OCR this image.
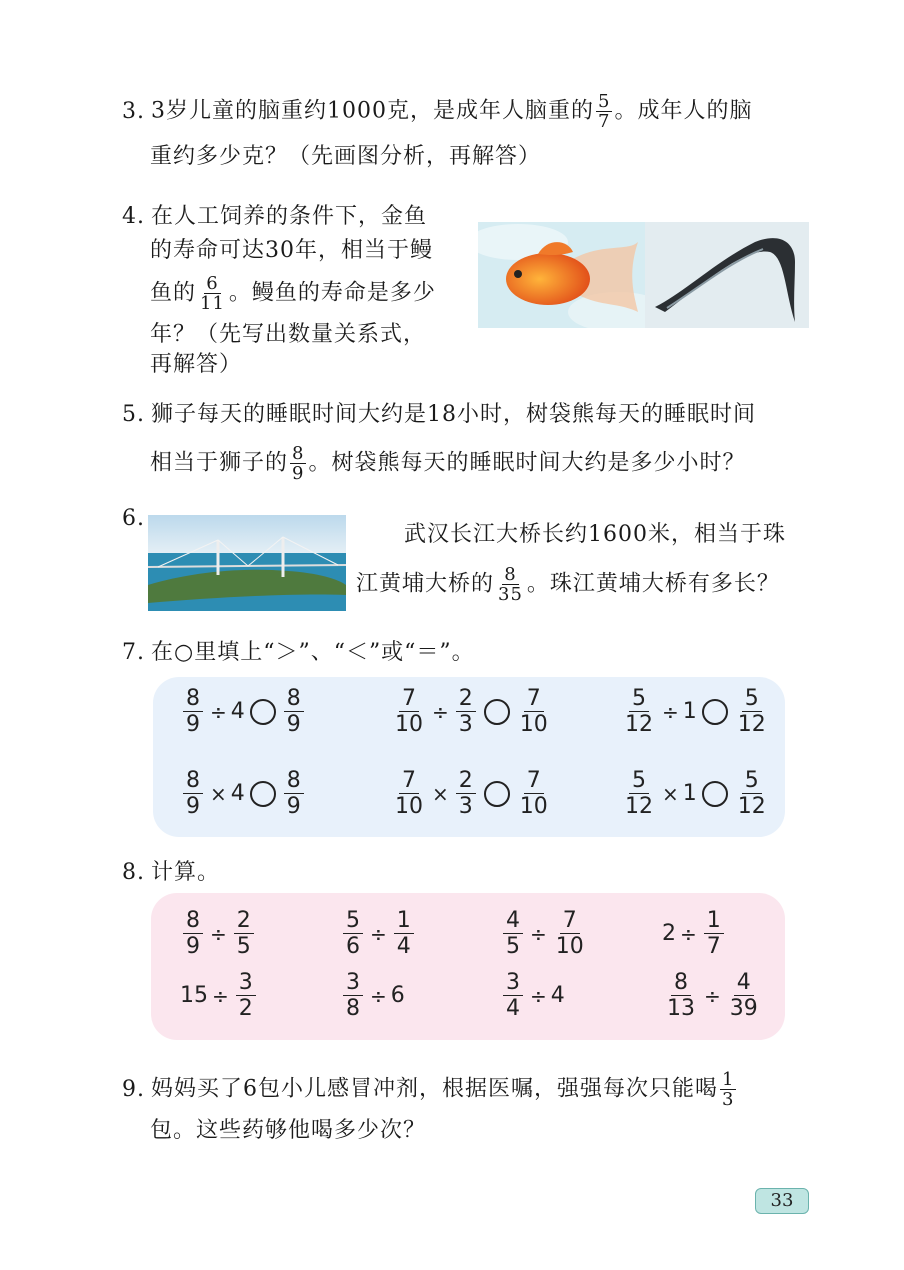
3. 3岁儿童的脑重约1000克，是成年人脑重的 $\frac{5}{7}$ 。成年人的脑
重约多少克？（先画图分析，再解答）
4. 在人工饲养的条件下，金鱼
的寿命可达30年，相当于鳗
鱼的 $\frac{6}{11}$ 。鳗鱼的寿命是多少
年？（先写出数量关系式，
再解答）
5. 狮子每天的睡眠时间大约是18小时，树袋熊每天的睡眠时间
相当于狮子的 $\frac{8}{9}$ 。树袋熊每天的睡眠时间大约是多少小时？
6.
武汉长江大桥长约1600米，相当于珠
江黄埔大桥的 $\frac{8}{35}$ 。珠江黄埔大桥有多长？
7. 在○里填上“＞”、“＜”或“＝”。
$\frac{8}{9} \div 4 \frac{8}{9}$	$\frac{7}{10} \div \frac{2}{3} \frac{7}{10}$	$\frac{5}{12} \div 1 \frac{5}{12}$
$\frac{8}{9} \times 4 \frac{8}{9}$	$\frac{7}{10} \times \frac{2}{3} \frac{7}{10}$	$\frac{5}{12} \times 1 \frac{5}{12}$
8. 计算。
$\frac{8}{9} \div \frac{2}{5}$	$\frac{5}{6} \div \frac{1}{4}$	$\frac{4}{5} \div \frac{7}{10}$	$2 \div \frac{1}{7}$
$15 \div \frac{3}{2}$	$\frac{3}{8} \div 6$	$\frac{3}{4} \div 4$	$\frac{8}{13} \div \frac{4}{39}$
9. 妈妈买了6包小儿感冒冲剂，根据医嘱，强强每次只能喝 $\frac{1}{3}$
包。这些药够他喝多少次？
33
